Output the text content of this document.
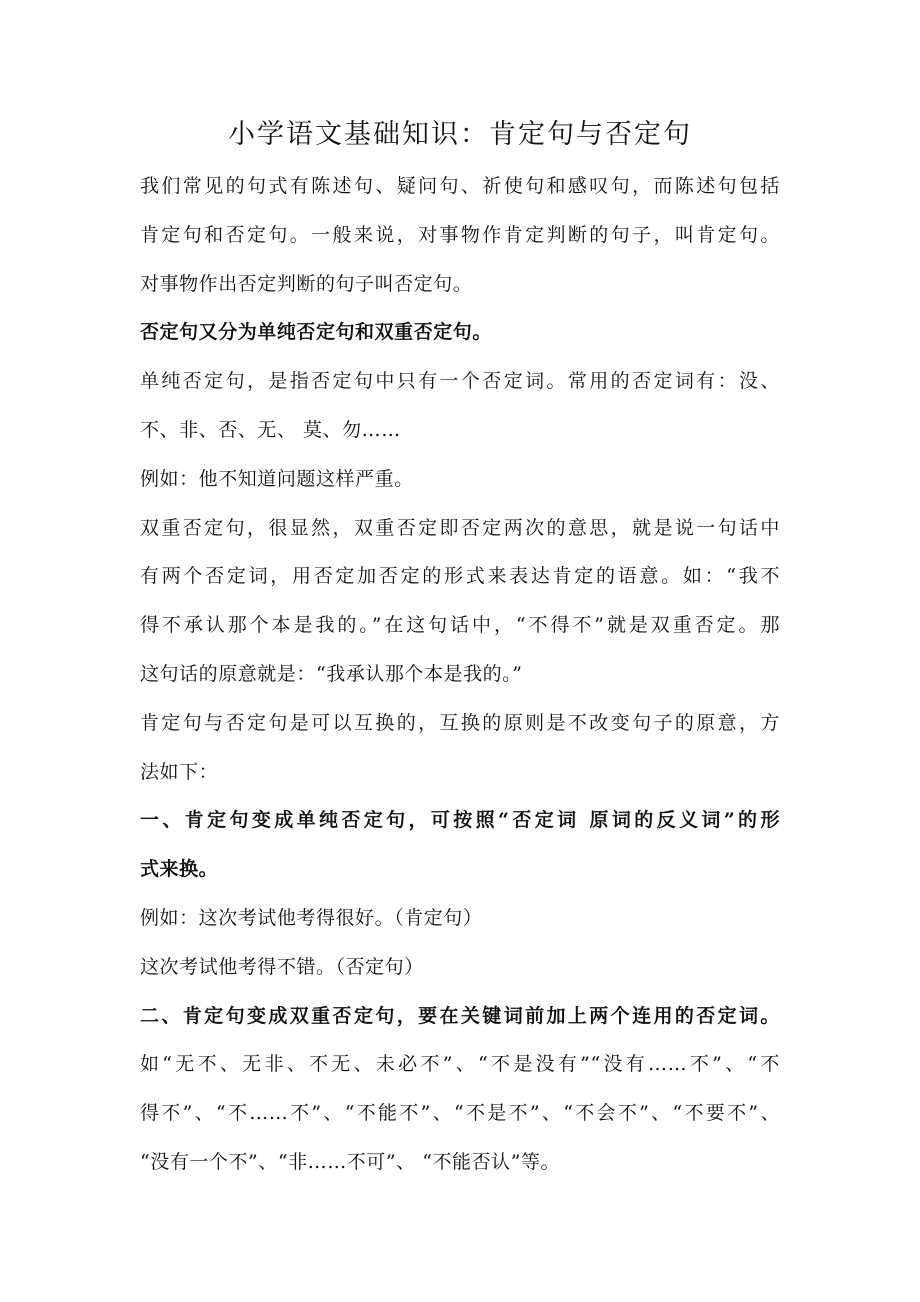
小学语文基础知识：肯定句与否定句

我们常见的句式有陈述句、疑问句、祈使句和感叹句，而陈述句包括

肯定句和否定句。一般来说，对事物作肯定判断的句子，叫肯定句。

对事物作出否定判断的句子叫否定句。

否定句又分为单纯否定句和双重否定句。

单纯否定句，是指否定句中只有一个否定词。常用的否定词有：没、

不、非、否、无、 莫、勿……

例如：他不知道问题这样严重。

双重否定句，很显然，双重否定即否定两次的意思，就是说一句话中

有两个否定词，用否定加否定的形式来表达肯定的语意。如：“我不

得不承认那个本是我的。”在这句话中，“不得不”就是双重否定。那

这句话的原意就是：“我承认那个本是我的。”

肯定句与否定句是可以互换的，互换的原则是不改变句子的原意，方

法如下：

一、肯定句变成单纯否定句，可按照“否定词 原词的反义词”的形

式来换。

例如：这次考试他考得很好。（肯定句）

这次考试他考得不错。（否定句）

二、肯定句变成双重否定句，要在关键词前加上两个连用的否定词。

如“无不、无非、不无、未必不”、“不是没有”“没有……不”、“不

得不”、“不……不”、“不能不”、“不是不”、“不会不”、“不要不”、

“没有一个不”、“非……不可”、 “不能否认”等。
